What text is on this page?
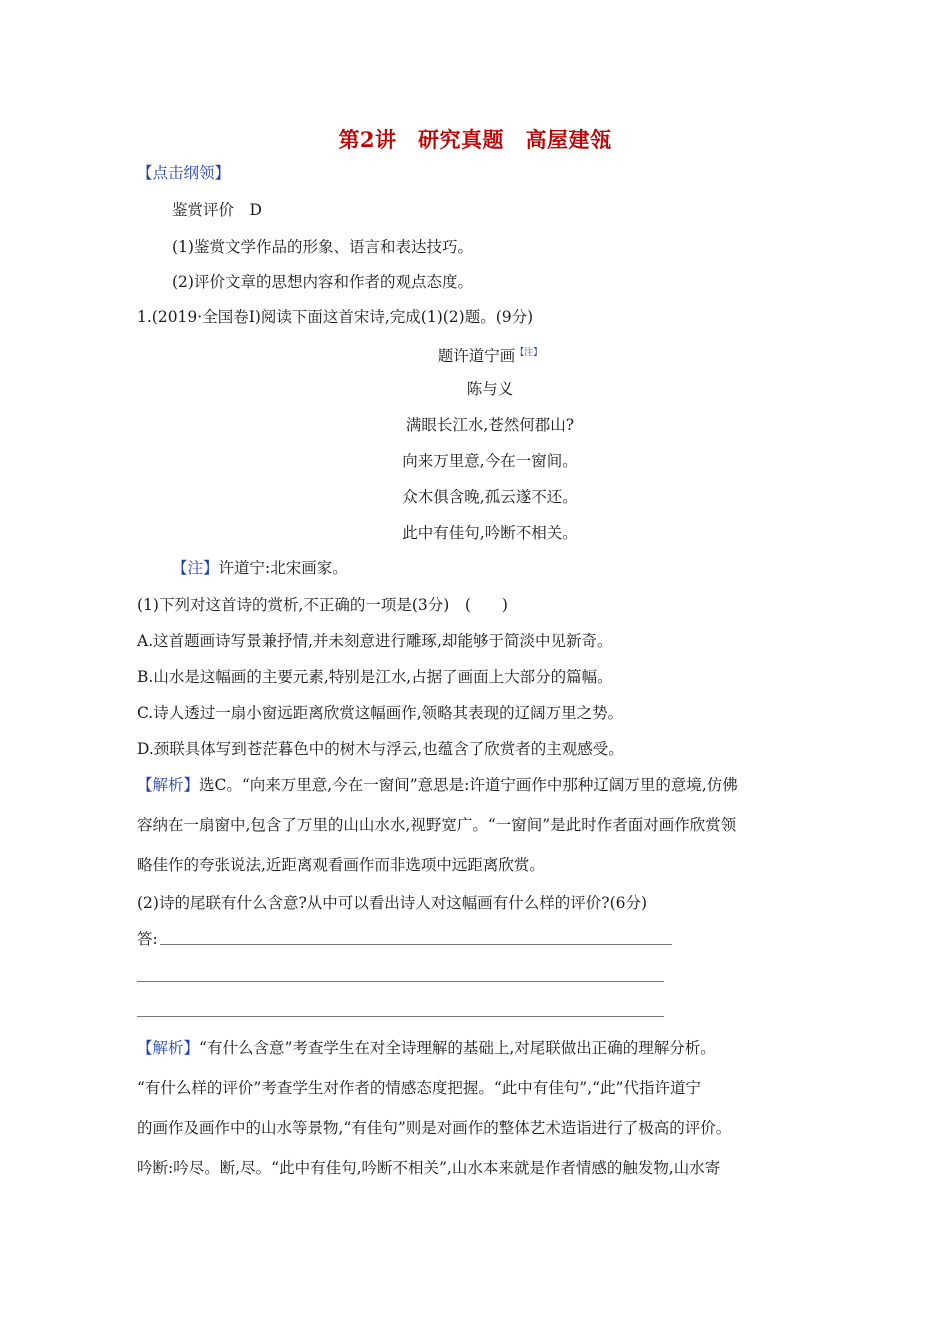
第2讲　研究真题　高屋建瓴
【点击纲领】
鉴赏评价　D
(1)鉴赏文学作品的形象、语言和表达技巧。
(2)评价文章的思想内容和作者的观点态度。
1.(2019·全国卷Ⅰ)阅读下面这首宋诗,完成(1)(2)题。(9分)
题许道宁画$^{【注】}$
陈与义
满眼长江水,苍然何郡山?
向来万里意,今在一窗间。
众木俱含晚,孤云遂不还。
此中有佳句,吟断不相关。
【注】许道宁:北宋画家。
(1)下列对这首诗的赏析,不正确的一项是(3分)　(　　)
A.这首题画诗写景兼抒情,并未刻意进行雕琢,却能够于简淡中见新奇。
B.山水是这幅画的主要元素,特别是江水,占据了画面上大部分的篇幅。
C.诗人透过一扇小窗远距离欣赏这幅画作,领略其表现的辽阔万里之势。
D.颈联具体写到苍茫暮色中的树木与浮云,也蕴含了欣赏者的主观感受。
【解析】选C。“向来万里意,今在一窗间”意思是:许道宁画作中那种辽阔万里的意境,仿佛
容纳在一扇窗中,包含了万里的山山水水,视野宽广。“一窗间”是此时作者面对画作欣赏领
略佳作的夸张说法,近距离观看画作而非选项中远距离欣赏。
(2)诗的尾联有什么含意?从中可以看出诗人对这幅画有什么样的评价?(6分)
答:
【解析】“有什么含意”考查学生在对全诗理解的基础上,对尾联做出正确的理解分析。
“有什么样的评价”考查学生对作者的情感态度把握。“此中有佳句”,“此”代指许道宁
的画作及画作中的山水等景物,“有佳句”则是对画作的整体艺术造诣进行了极高的评价。
吟断:吟尽。断,尽。“此中有佳句,吟断不相关”,山水本来就是作者情感的触发物,山水寄
